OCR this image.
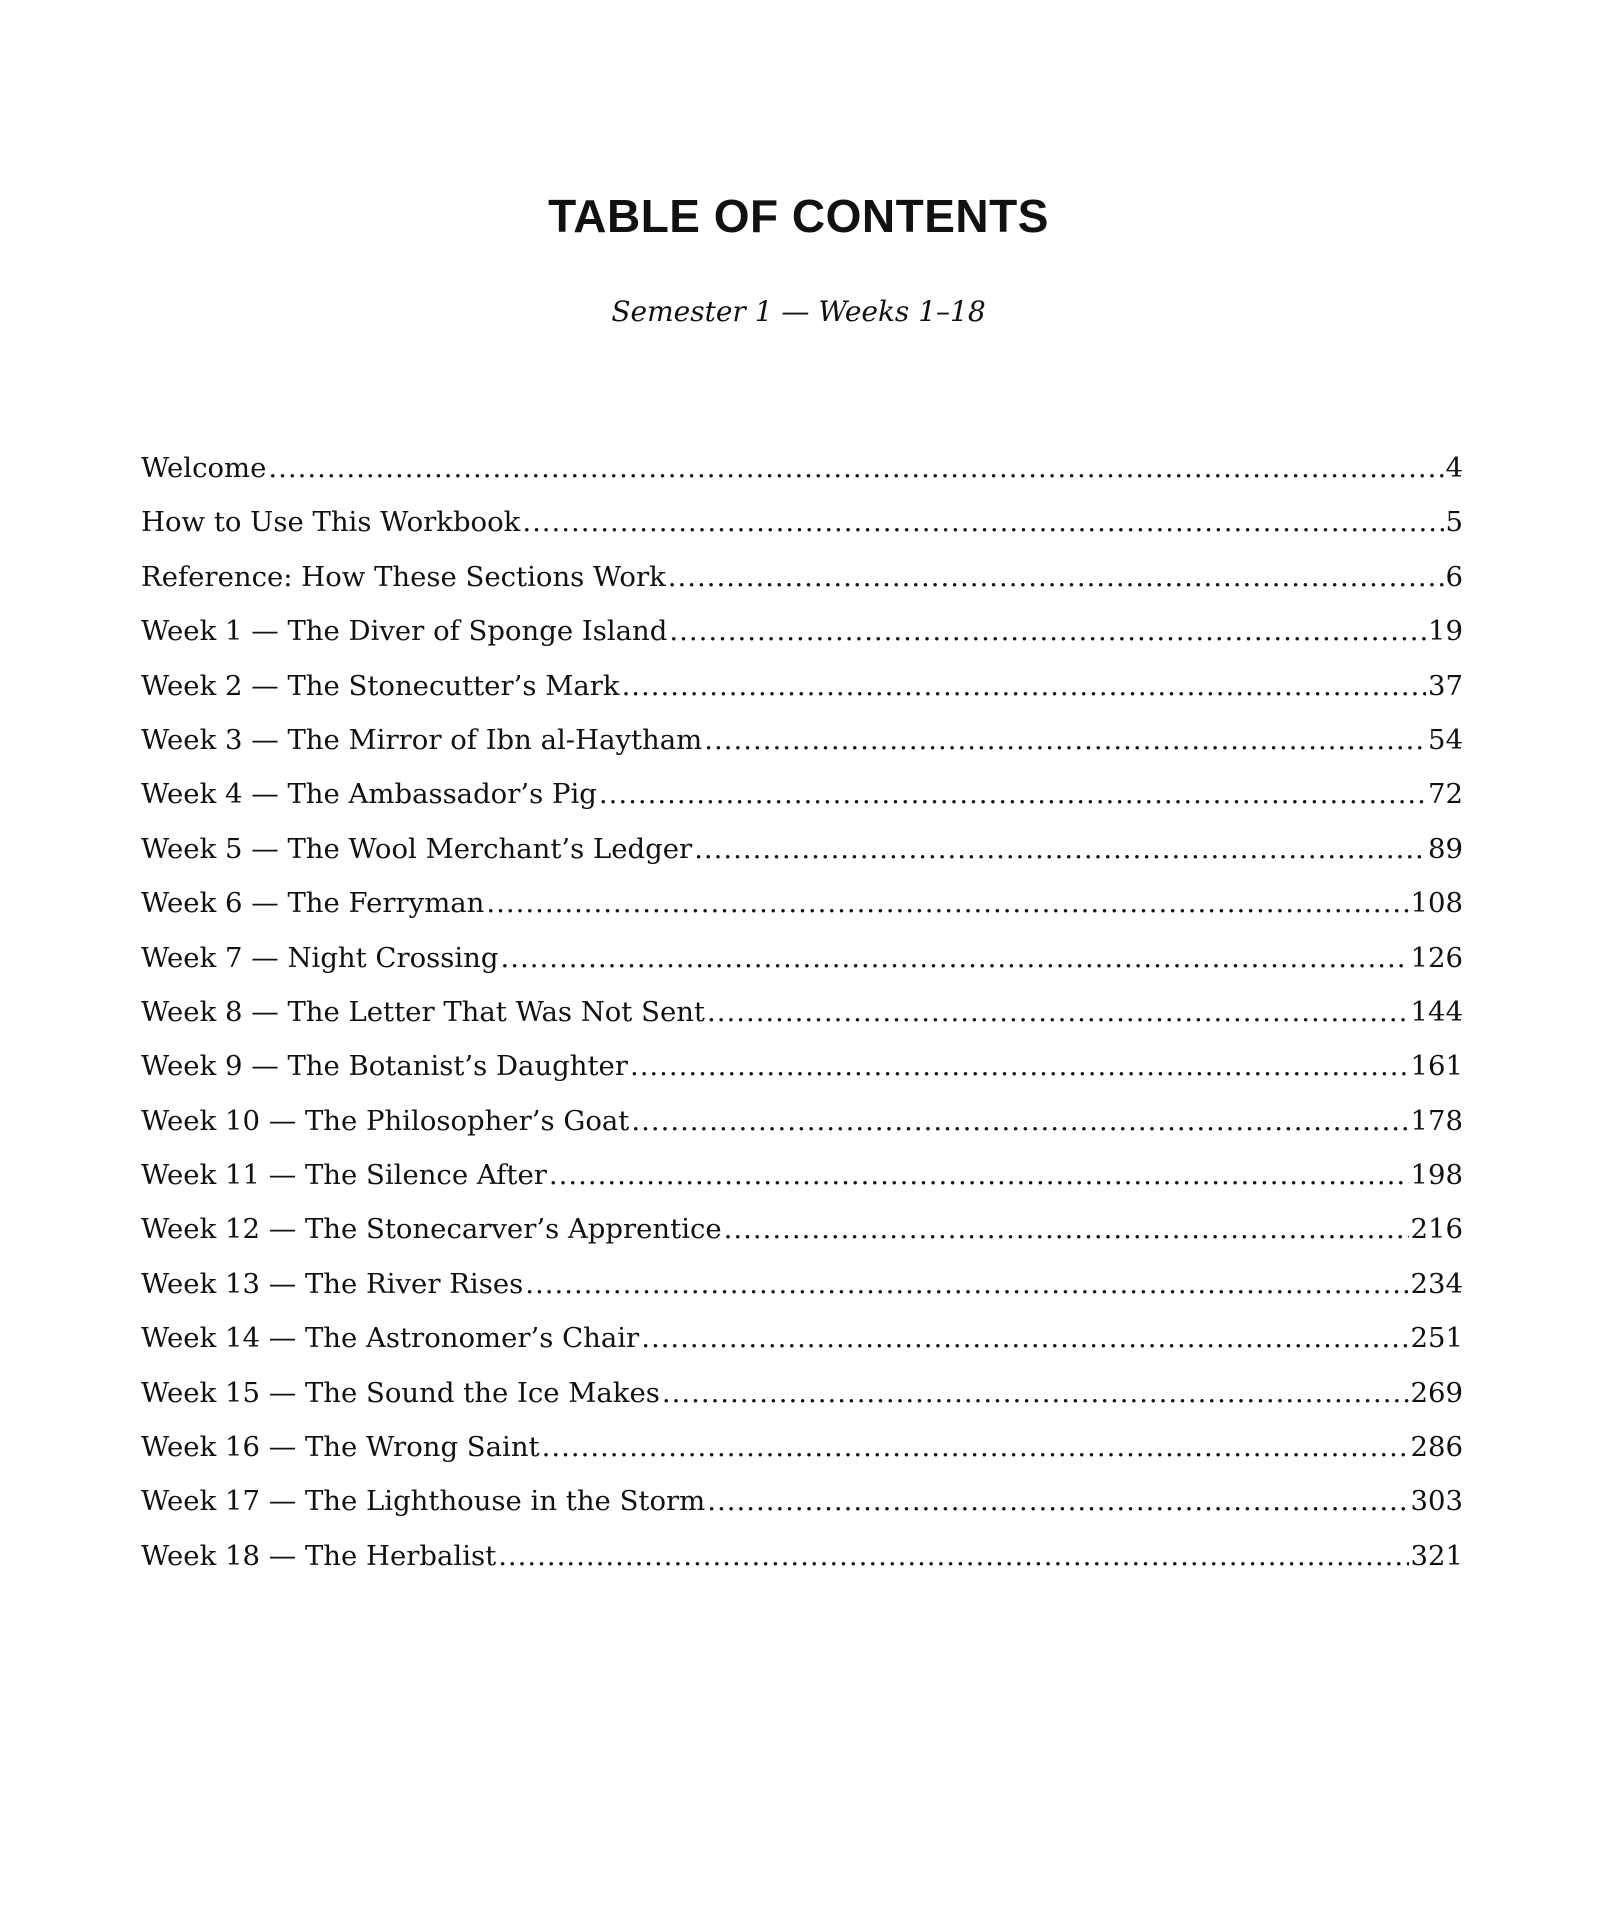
TABLE OF CONTENTS

Semester 1 — Weeks 1–18

Welcome .....	4
How to Use This Workbook .....	5
Reference: How These Sections Work .....	6
Week 1 — The Diver of Sponge Island .....	19
Week 2 — The Stonecutter’s Mark .....	37
Week 3 — The Mirror of Ibn al-Haytham .....	54
Week 4 — The Ambassador’s Pig .....	72
Week 5 — The Wool Merchant’s Ledger .....	89
Week 6 — The Ferryman .....	108
Week 7 — Night Crossing .....	126
Week 8 — The Letter That Was Not Sent .....	144
Week 9 — The Botanist’s Daughter .....	161
Week 10 — The Philosopher’s Goat .....	178
Week 11 — The Silence After .....	198
Week 12 — The Stonecarver’s Apprentice .....	216
Week 13 — The River Rises .....	234
Week 14 — The Astronomer’s Chair .....	251
Week 15 — The Sound the Ice Makes .....	269
Week 16 — The Wrong Saint .....	286
Week 17 — The Lighthouse in the Storm .....	303
Week 18 — The Herbalist .....	321
